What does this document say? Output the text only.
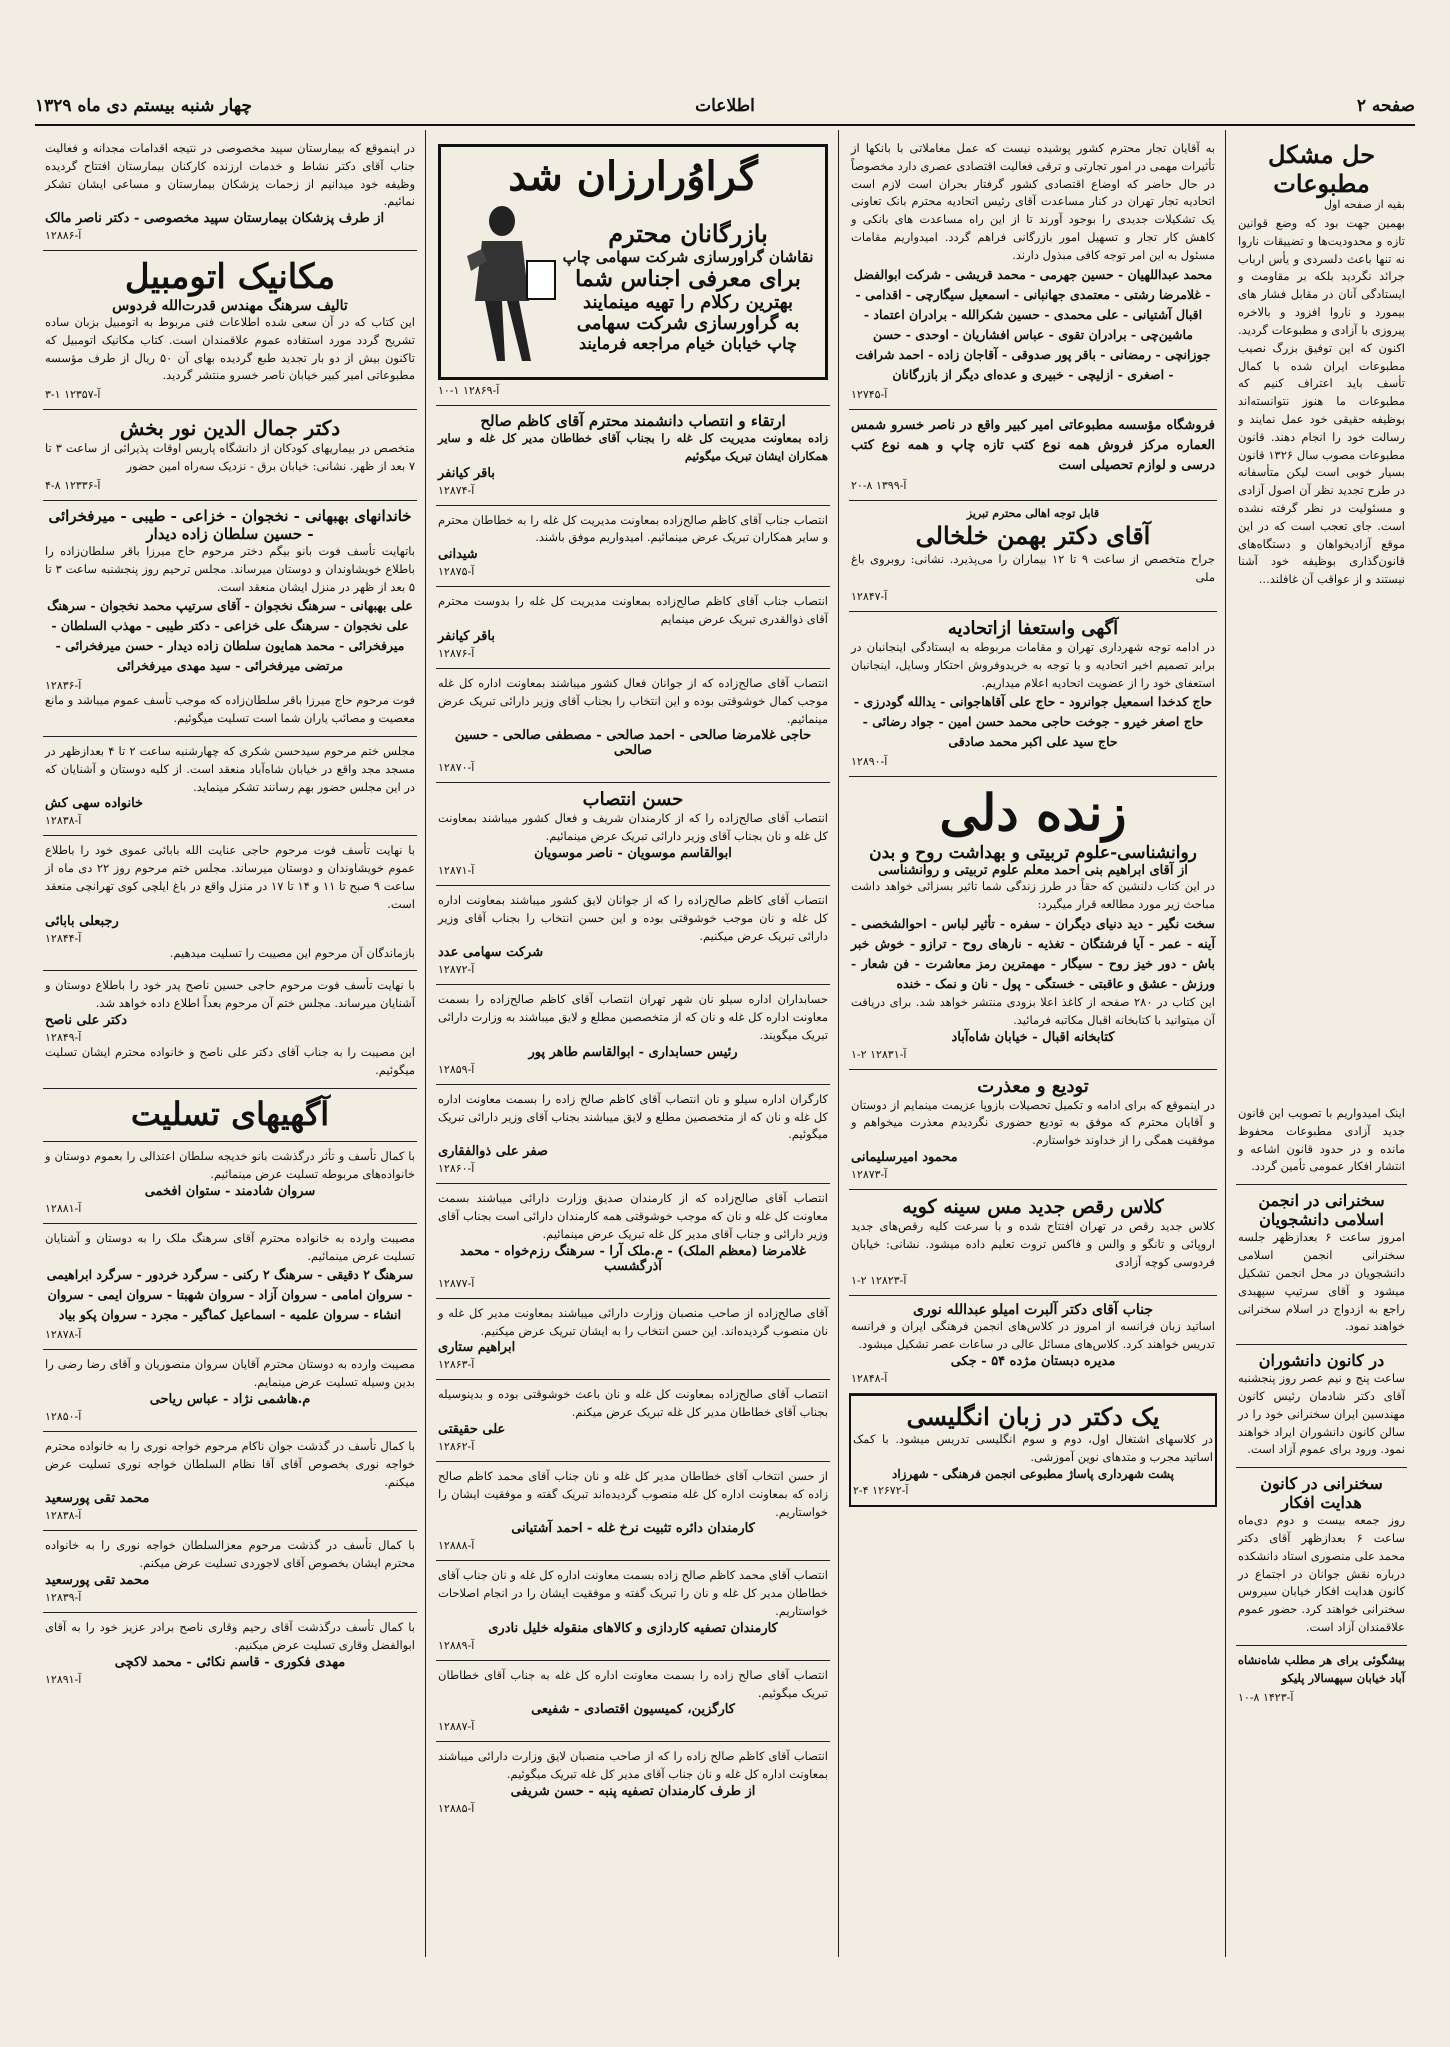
صفحه ۲
اطلاعات
چهار شنبه بیستم دی ماه ۱۳۲۹
حل مشکل مطبوعات
بقیه از صفحه اول
بهمین جهت بود که وضع قوانین تازه و محدودیت‌ها و تضییقات ناروا نه تنها باعث دلسردی و یأس ارباب جرائد نگردید بلکه بر مقاومت و ایستادگی آنان در مقابل فشار های بیمورد و ناروا افزود و بالاخره پیروزی با آزادی و مطبوعات گردید. اکنون که این توفیق بزرگ نصیب مطبوعات ایران شده با کمال تأسف باید اعتراف کنیم که مطبوعات ما هنوز نتوانسته‌اند بوظیفه حقیقی خود عمل نمایند و رسالت خود را انجام دهند. قانون مطبوعات مصوب سال ۱۳۲۶ قانون بسیار خوبی است لیکن متأسفانه در طرح تجدید نظر آن اصول آزادی و مسئولیت در نظر گرفته نشده است. جای تعجب است که در این موقع آزادیخواهان و دستگاه‌های قانون‌گذاری بوظیفه خود آشنا نیستند و از عواقب آن غافلند...
اینک امیدواریم با تصویب این قانون جدید آزادی مطبوعات محفوظ مانده و در حدود قانون اشاعه و انتشار افکار عمومی تأمین گردد.
سخنرانی در انجمن اسلامی دانشجویان
امروز ساعت ۶ بعدازظهر جلسه سخنرانی انجمن اسلامی دانشجویان در محل انجمن تشکیل میشود و آقای سرتیپ سپهبدی راجع به ازدواج در اسلام سخنرانی خواهند نمود.
در کانون دانشوران
ساعت پنج و نیم عصر روز پنجشنبه آقای دکتر شادمان رئیس کانون مهندسین ایران سخنرانی خود را در سالن کانون دانشوران ایراد خواهند نمود. ورود برای عموم آزاد است.
سخنرانی در کانون هدایت افکار
روز جمعه بیست و دوم دی‌ماه ساعت ۶ بعدازظهر آقای دکتر محمد علی منصوری استاد دانشکده درباره نقش جوانان در اجتماع در کانون هدایت افکار خیابان سیروس سخنرانی خواهند کرد. حضور عموم علاقمندان آزاد است.
بیشگوئی برای هر مطلب شاه‌نشاه آباد خیابان سپهسالار پلیکو
آ-۱۴۲۳ ۸-۱۰
به آقایان تجار محترم کشور پوشیده نیست که عمل معاملاتی با بانکها از تأثیرات مهمی در امور تجارتی و ترقی فعالیت اقتصادی عصری دارد مخصوصاً در حال حاضر که اوضاع اقتصادی کشور گرفتار بحران است لازم است اتحادیه تجار تهران در کنار مساعدت آقای رئیس اتحادیه محترم بانک تعاونی یک تشکیلات جدیدی را بوجود آورند تا از این راه مساعدت های بانکی و کاهش کار تجار و تسهیل امور بازرگانی فراهم گردد. امیدواریم مقامات مسئول به این امر توجه کافی مبذول دارند.
محمد عبداللهیان - حسین جهرمی - محمد قریشی - شرکت ابوالفضل - غلامرضا رشتی - معتمدی جهانبانی - اسمعیل سیگارچی - اقدامی - اقبال آشتیانی - علی محمدی - حسین شکرالله - برادران اعتماد - ماشین‌چی - برادران تقوی - عباس افشاریان - اوحدی - حسن جوزانچی - رمضانی - باقر پور صدوقی - آقاجان زاده - احمد شرافت - اصغری - ازلیچی - خبیری و عده‌ای دیگر از بازرگانان
آ-۱۲۷۴۵
فروشگاه مؤسسه مطبوعاتی امیر کبیر واقع در ناصر خسرو شمس العماره مرکز فروش همه نوع کتب تازه چاپ و همه نوع کتب درسی و لوازم تحصیلی است
آ-۱۳۹۹ ۸-۲۰
قابل توجه اهالی محترم تبریز
آقای دکتر بهمن خلخالی
جراح متخصص از ساعت ۹ تا ۱۲ بیماران را می‌پذیرد. نشانی: روبروی باغ ملی
آ-۱۲۸۴۷
آگهی واستعفا ازاتحادیه
در ادامه توجه شهرداری تهران و مقامات مربوطه به ایستادگی اینجانبان در برابر تصمیم اخیر اتحادیه و با توجه به خریدوفروش احتکار وسایل، اینجانبان استعفای خود را از عضویت اتحادیه اعلام میداریم.
حاج کدخدا اسمعیل جوانرود - حاج علی آقاهاجوانی - یدالله گودرزی - حاج اصغر خیرو - جوخت حاجی محمد حسن امین - جواد رضائی - حاج سید علی اکبر محمد صادقی
آ-۱۲۸۹۰
زنده دلی
روانشناسی-علوم تربیتی و بهداشت روح و بدن
از آقای ابراهیم بنی احمد معلم علوم تربیتی و روانشناسی
در این کتاب دلنشین که حقاً در طرز زندگی شما تاثیر بسزائی خواهد داشت مباحث زیر مورد مطالعه قرار میگیرد:
سخت نگیر - دید دنیای دیگران - سفره - تأثیر لباس - احوالشخصی - آینه - عمر - آیا فرشتگان - تغذیه - نارهای روح - ترازو - خوش خبر باش - دور خیز روح - سیگار - مهمترین رمز معاشرت - فن شعار - ورزش - عشق و عاقبتی - خستگی - پول - نان و نمک - خنده
این کتاب در ۲۸۰ صفحه از کاغذ اعلا بزودی منتشر خواهد شد. برای دریافت آن میتوانید با کتابخانه اقبال مکاتبه فرمائید.
کتابخانه اقبال - خیابان شاه‌آباد
آ-۱۲۸۳۱ ۲-۱
تودیع و معذرت
در اینموقع که برای ادامه و تکمیل تحصیلات بازوپا عزیمت مینمایم از دوستان و آقایان محترم که موفق به تودیع حضوری نگردیدم معذرت میخواهم و موفقیت همگی را از خداوند خواستارم.
محمود امیرسلیمانی
آ-۱۲۸۷۳
کلاس رقص جدید مس سینه کویه
کلاس جدید رقص در تهران افتتاح شده و با سرعت کلیه رقص‌های جدید اروپائی و تانگو و والس و فاکس تروت تعلیم داده میشود. نشانی: خیابان فردوسی کوچه آزادی
آ-۱۲۸۲۳ ۲-۱
جناب آقای دکتر آلبرت امیلو عبدالله نوری
اساتید زبان فرانسه از امروز در کلاس‌های انجمن فرهنگی ایران و فرانسه تدریس خواهند کرد. کلاس‌های مسائل عالی در ساعات عصر تشکیل میشود.
مدیره دبستان مژده ۵۴ - جکی
آ-۱۲۸۴۸
یک دکتر در زبان انگلیسی
در کلاسهای اشتغال اول، دوم و سوم انگلیسی تدریس میشود. با کمک اساتید مجرب و متدهای نوین آموزشی.
پشت شهرداری پاساژ مطبوعی انجمن فرهنگی - شهرزاد
آ-۱۲۶۷۲ ۴-۲
گراوُرارزان شد
بازرگانان محترم
نقاشان گراورسازی شرکت سهامی چاپ
برای معرفی اجناس شما
بهترین رکلام را تهیه مینمایند
به گراورسازی شرکت سهامی
چاپ خیابان خیام مراجعه فرمایند
آ-۱۲۸۶۹ ۱-۱۰
ارتقاء و انتصاب دانشمند محترم آقای کاظم صالح
زاده بمعاونت مدیریت کل غله را بجناب آقای خطاطان مدیر کل غله و سایر همکاران ایشان تبریک میگوئیم
باقر کیانفر
آ-۱۲۸۷۴
انتصاب جناب آقای کاظم صالح‌زاده بمعاونت مدیریت کل غله را به خطاطان محترم و سایر همکاران تبریک عرض مینمائیم. امیدواریم موفق باشند.
شیدانی
آ-۱۲۸۷۵
انتصاب جناب آقای کاظم صالح‌زاده بمعاونت مدیریت کل غله را بدوست محترم آقای ذوالقدری تبریک عرض مینمایم
باقر کیانفر
آ-۱۲۸۷۶
انتصاب آقای صالح‌زاده که از جوانان فعال کشور میباشند بمعاونت اداره کل غله موجب کمال خوشوقتی بوده و این انتخاب را بجناب آقای وزیر دارائی تبریک عرض مینمائیم.
حاجی غلامرضا صالحی - احمد صالحی - مصطفی صالحی - حسین صالحی
آ-۱۲۸۷۰
حسن انتصاب
انتصاب آقای صالح‌زاده را که از کارمندان شریف و فعال کشور میباشند بمعاونت کل غله و نان بجناب آقای وزیر دارائی تبریک عرض مینمائیم.
ابوالقاسم موسویان - ناصر موسویان
آ-۱۲۸۷۱
انتصاب آقای کاظم صالح‌زاده را که از جوانان لایق کشور میباشند بمعاونت اداره کل غله و نان موجب خوشوقتی بوده و این حسن انتخاب را بجناب آقای وزیر دارائی تبریک عرض میکنیم.
شرکت سهامی عدد
آ-۱۲۸۷۲
حسابداران اداره سیلو نان شهر تهران انتصاب آقای کاظم صالح‌زاده را بسمت معاونت اداره کل غله و نان که از متخصصین مطلع و لایق میباشند به وزارت دارائی تبریک میگویند.
رئیس حسابداری - ابوالقاسم طاهر پور
آ-۱۲۸۵۹
کارگران اداره سیلو و نان انتصاب آقای کاظم صالح زاده را بسمت معاونت اداره کل غله و نان که از متخصصین مطلع و لایق میباشند بجناب آقای وزیر دارائی تبریک میگوئیم.
صفر علی ذوالفقاری
آ-۱۲۸۶۰
انتصاب آقای صالح‌زاده که از کارمندان صدیق وزارت دارائی میباشند بسمت معاونت کل غله و نان که موجب خوشوقتی همه کارمندان دارائی است بجناب آقای وزیر دارائی و جناب آقای مدیر کل غله تبریک عرض مینمائیم.
غلامرضا (معظم الملک) - م.ملک آرا - سرهنگ رزم‌خواه - محمد آذرگشسب
آ-۱۲۸۷۷
آقای صالح‌زاده از صاحب منصبان وزارت دارائی میباشند بمعاونت مدیر کل غله و نان منصوب گردیده‌اند. این حسن انتخاب را به ایشان تبریک عرض میکنیم.
ابراهیم ستاری
آ-۱۲۸۶۳
انتصاب آقای صالح‌زاده بمعاونت کل غله و نان باعث خوشوقتی بوده و بدینوسیله بجناب آقای خطاطان مدیر کل غله تبریک عرض میکنم.
علی حقیقتی
آ-۱۲۸۶۲
از حسن انتخاب آقای خطاطان مدیر کل غله و نان جناب آقای محمد کاظم صالح زاده که بمعاونت اداره کل غله منصوب گردیده‌اند تبریک گفته و موفقیت ایشان را خواستاریم.
کارمندان دائره تثبیت نرخ غله - احمد آشتیانی
آ-۱۲۸۸۸
انتصاب آقای محمد کاظم صالح زاده بسمت معاونت اداره کل غله و نان جناب آقای خطاطان مدیر کل غله و نان را تبریک گفته و موفقیت ایشان را در انجام اصلاحات خواستاریم.
کارمندان تصفیه کاردازی و کالاهای منقوله خلیل نادری
آ-۱۲۸۸۹
انتصاب آقای صالح زاده را بسمت معاونت اداره کل غله به جناب آقای خطاطان تبریک میگوئیم.
کارگزین، کمیسیون اقتصادی - شفیعی
آ-۱۲۸۸۷
انتصاب آقای کاظم صالح زاده را که از صاحب منصبان لایق وزارت دارائی میباشند بمعاونت اداره کل غله و نان جناب آقای مدیر کل غله تبریک میگوئیم.
از طرف کارمندان تصفیه پنبه - حسن شریفی
آ-۱۲۸۸۵
در اینموقع که بیمارستان سپید مخصوصی در نتیجه اقدامات مجدانه و فعالیت جناب آقای دکتر نشاط و خدمات ارزنده کارکنان بیمارستان افتتاح گردیده وظیفه خود میدانیم از زحمات پزشکان بیمارستان و مساعی ایشان تشکر نمائیم.
از طرف پزشکان بیمارستان سپید مخصوصی - دکتر ناصر مالک
آ-۱۲۸۸۶
مکانیک اتومبیل
تالیف سرهنگ مهندس قدرت‌الله فردوس
این کتاب که در آن سعی شده اطلاعات فنی مربوط به اتومبیل بزبان ساده تشریح گردد مورد استفاده عموم علاقمندان است. کتاب مکانیک اتومبیل که تاکنون بیش از دو بار تجدید طبع گردیده بهای آن ۵۰ ریال از طرف مؤسسه مطبوعاتی امیر کبیر خیابان ناصر خسرو منتشر گردید.
آ-۱۲۳۵۷ ۱-۳
دکتر جمال الدین نور بخش
متخصص در بیماریهای کودکان از دانشگاه پاریس اوقات پذیرائی از ساعت ۳ تا ۷ بعد از ظهر. نشانی: خیابان برق - نزدیک سه‌راه امین حضور
آ-۱۲۳۳۶ ۸-۴
خاندانهای بهبهانی - نخجوان - خزاعی - طیبی - میرفخرائی - حسین سلطان زاده دیدار
باتهایت تأسف فوت بانو بیگم دختر مرحوم حاج میرزا باقر سلطان‌زاده را باطلاع خویشاوندان و دوستان میرساند. مجلس ترحیم روز پنجشنبه ساعت ۳ تا ۵ بعد از ظهر در منزل ایشان منعقد است.
علی بهبهانی - سرهنگ نخجوان - آقای سرتیپ محمد نخجوان - سرهنگ علی نخجوان - سرهنگ علی خزاعی - دکتر طیبی - مهذب السلطان - میرفخرائی - محمد همایون سلطان زاده دیدار - حسن میرفخرائی - مرتضی میرفخرائی - سید مهدی میرفخرائی
آ-۱۲۸۳۶
فوت مرحوم حاج میرزا باقر سلطان‌زاده که موجب تأسف عموم میباشد و مانع معصیت و مصائب یاران شما است تسلیت میگوئیم.
مجلس ختم مرحوم سیدحسن شکری که چهارشنبه ساعت ۲ تا ۴ بعدازظهر در مسجد مجد واقع در خیابان شاه‌آباد منعقد است. از کلیه دوستان و آشنایان که در این مجلس حضور بهم رسانند تشکر مینماید.
خانواده سهی کش
آ-۱۲۸۳۸
با نهایت تأسف فوت مرحوم حاجی عنایت الله بابائی عموی خود را باطلاع عموم خویشاوندان و دوستان میرساند. مجلس ختم مرحوم روز ۲۲ دی ماه از ساعت ۹ صبح تا ۱۱ و ۱۴ تا ۱۷ در منزل واقع در باغ ایلچی کوی تهرانچی منعقد است.
رجبعلی بابائی
آ-۱۲۸۴۴
بازماندگان آن مرحوم این مصیبت را تسلیت میدهیم.
با نهایت تأسف فوت مرحوم حاجی حسین ناصح پدر خود را باطلاع دوستان و آشنایان میرساند. مجلس ختم آن مرحوم بعداً اطلاع داده خواهد شد.
دکتر علی ناصح
آ-۱۲۸۴۹
این مصیبت را به جناب آقای دکتر علی ناصح و خانواده محترم ایشان تسلیت میگوئیم.
آگهیهای تسلیت
با کمال تأسف و تأثر درگذشت بانو خدیجه سلطان اعتدالی را بعموم دوستان و خانواده‌های مربوطه تسلیت عرض مینمائیم.
سروان شادمند - ستوان افخمی
آ-۱۲۸۸۱
مصیبت وارده به خانواده محترم آقای سرهنگ ملک را به دوستان و آشنایان تسلیت عرض مینمائیم.
سرهنگ ۲ دقیقی - سرهنگ ۲ رکنی - سرگرد خردور - سرگرد ابراهیمی - سروان امامی - سروان آزاد - سروان شهبتا - سروان ایمی - سروان انشاء - سروان علمیه - اسماعیل کماگیر - مجرد - سروان پکو بیاد
آ-۱۲۸۷۸
مصیبت وارده به دوستان محترم آقایان سروان منصوریان و آقای رضا رضی را بدین وسیله تسلیت عرض مینمایم.
م.هاشمی نژاد - عباس ریاحی
آ-۱۲۸۵۰
با کمال تأسف در گذشت جوان ناکام مرحوم خواجه نوری را به خانواده محترم خواجه نوری بخصوص آقای آقا نظام السلطان خواجه نوری تسلیت عرض میکنم.
محمد تقی پورسعید
آ-۱۲۸۳۸
با کمال تأسف در گذشت مرحوم معزالسلطان خواجه نوری را به خانواده محترم ایشان بخصوص آقای لاجوردی تسلیت عرض میکنم.
محمد تقی پورسعید
آ-۱۲۸۳۹
با کمال تأسف درگذشت آقای رحیم وقاری ناصح برادر عزیز خود را به آقای ابوالفضل وقاری تسلیت عرض میکنیم.
مهدی فکوری - قاسم نکائی - محمد لاکچی
آ-۱۲۸۹۱
